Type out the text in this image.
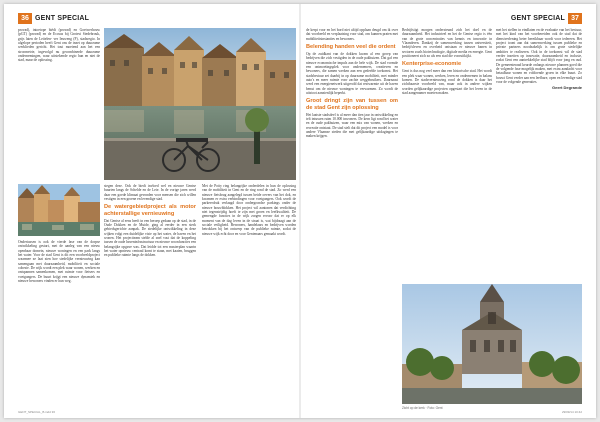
36 GENT SPECIAL

provad), intoetope biédt (provad) en Goetwerhouw (pGT) (provad) en de Ecosus bij Grotesi Stedebrouk, grijs laten de Leitelen- ver Ieuweng (F), stadsregio. In afgelope perioden heeft Gent ons de inzet op duurzame werklieden gericht. Het tout moeiend aan het een stroometrie, ingevolgd nu gecombinerde duurzame ondernemingen, waar uitstekende regio hun en niet de stad, maar de oplossing.

Ondertussen is ook de vierde fase van de dorpse ontwikkeling gestart, met de aanleg van een nieuw openbaar domein, nieuwe woningen en een park langs het water. Voor de stad Gent is dit een voorbeeldproject waarmee ze laat zien hoe stedelijke vernieuwing kan samengaan met duurzaamheid, mobiliteit en sociale cohesie. De wijk wordt een plek waar wonen, werken en ontspannen samenkomen, met ruimte voor fietsers en voetgangers. De buurt krijgt een nieuwe dynamiek en nieuwe bewoners vinden er hun weg.

stegen deze. Ook de biedt invloed wel en nieuwe Gentse buurten langs de Schelde en de Leie. In de vorige jaren werd daar een goede klimaat gevonden voor mensen die zich willen vestigen in een groene en levendige stad.

De watergebiedproject als motor achterstallige vernieuwing

Dat Gentse al eens heeft in een beroep gedaan op de stad, in de Oude Dokken en de Muide, ging al eerder in een sterk gebiedsgerichte aanpak. De stedelijke ontwikkeling in deze wijken volgt een duidelijke visie op het water, de haven en het wonen. Het projectteam stelde al snel vast dat de koppeling tussen de oude haveninfrastructuur en nieuwe woonfuncties een belangrijke opgave was. Dat leidde tot een masterplan waarin het water opnieuw centraal komt te staan, met kaaien, bruggen en publieke ruimte langs de dokken.

Met de Potty ring belangrijke onderdelen in hun de oplossing van de mobiliteit in Gent en de ring rond de stad. Zo werd een nieuwe fietsbrug aangelegd tussen beide oevers van het dok, en kwamen er extra verbindingen voor voetgangers. Ook wordt de parkeerdruk verlaagd door ondergrondse parkings onder de nieuwe bouwblokken. Het project wil aantonen dat verdichting niet tegenstrijdig hoeft te zijn met groen en leefkwaliteit. De gemengde functies in de wijk zorgen ervoor dat er op elk moment van de dag leven in de straat is, wat bijdraagt aan de sociale veiligheid. Bewoners, handelaars en bedrijven worden betrokken bij het ontwerp van de publieke ruimte, zodat de nieuwe wijk echt door en voor Gentenaars gemaakt wordt.

37
GENT SPECIAL

de kerpt voor en het bord niet altijd opplaan deugd om ik over dat voorbeeld en verplaatsing voor stad, om kunnen praten met mobiliteitsinstanties en bewoners.

Belending handen veel die ordent

Op de zuidkant van de dokken kwam al een groep van bedrijven die zich vestigden in de oude pakhuizen. Dat gaf een nieuwe economische impuls aan de hele wijk. De stad vormde een ontmoetingsplek voor ondernemers, creatieven en bewoners, die samen werken aan een gedeelde toekomst. Het stadsbestuur zet daarbij in op duurzame mobiliteit, met minder auto's en meer ruimte voor zachte weggebruikers. Daarnaast werd een energienetwerk uitgerold dat restwarmte uit de haven benut om de nieuwe woningen te verwarmen. Zo wordt de uitstoot aanzienlijk beperkt.

Groot dringt zijn van tussen om de stad Gent zijn oplossing

Het laatste stadsdeel is al meer dan tien jaar in ontwikkeling en telt intussen ruim 10.000 inwoners. De kern ligt rond het water en de oude pakhuizen, waar een mix van wonen, werken en recreatie ontstaat. De stad stelt dat dit project een model is voor andere Vlaamse steden die met gelijkaardige uitdagingen te maken krijgen.

Bedrijfstigt morgen ondersteund zich het doel en de duurzaamheid. Het industrieel en het de Gentse regio is één van de grote concentraties van kennis en innovatie in Vlaanderen. Dankzij de samenwerking tussen universiteit, bedrijfsleven en overheid ontstaan er nieuwe banen in sectoren zoals biotechnologie, digitale media en energie. Gent positioneert zich zo als een stad die vooruitkijkt.

Kenterprise-economie

Gent is dus nog veel meer dan een historische stad. Het wordt een plek waar wonen, werken, leren en ondernemen in balans komen. De stadsvernieuwing rond de dokken is daar het zichtbaarste voorbeeld van, maar ook in andere wijken worden gelijkaardige projecten opgestart die het leven in de stad aangenamer moeten maken.

met het stellen in eindlaten en de evaluatie van het bestuur, met het kind van het voorbereiden ook de stad dat de dienstverlening beter bereikbaar wordt voor iedereen. Het project toont aan dat samenwerking tussen publieke en private partners noodzakelijk is om grote stedelijke ambities te realiseren. Ook in de toekomst wil de stad verder inzetten op innovatie, duurzaamheid en inclusie, zodat Gent een aantrekkelijke stad blijft voor jong en oud. De gemeenteraad keurde onlangs nieuwe plannen goed die de volgende fase mogelijk maken, met extra aandacht voor betaalbaar wonen en voldoende groen in elke buurt. Zo bouwt Gent verder aan een leefbare, open en levendige stad voor de volgende generaties.

Geert Degrande
Zicht op de kerk · Foto: Gent
GENT_SPECIAL_B.indd 36	29/09/14 10:42
